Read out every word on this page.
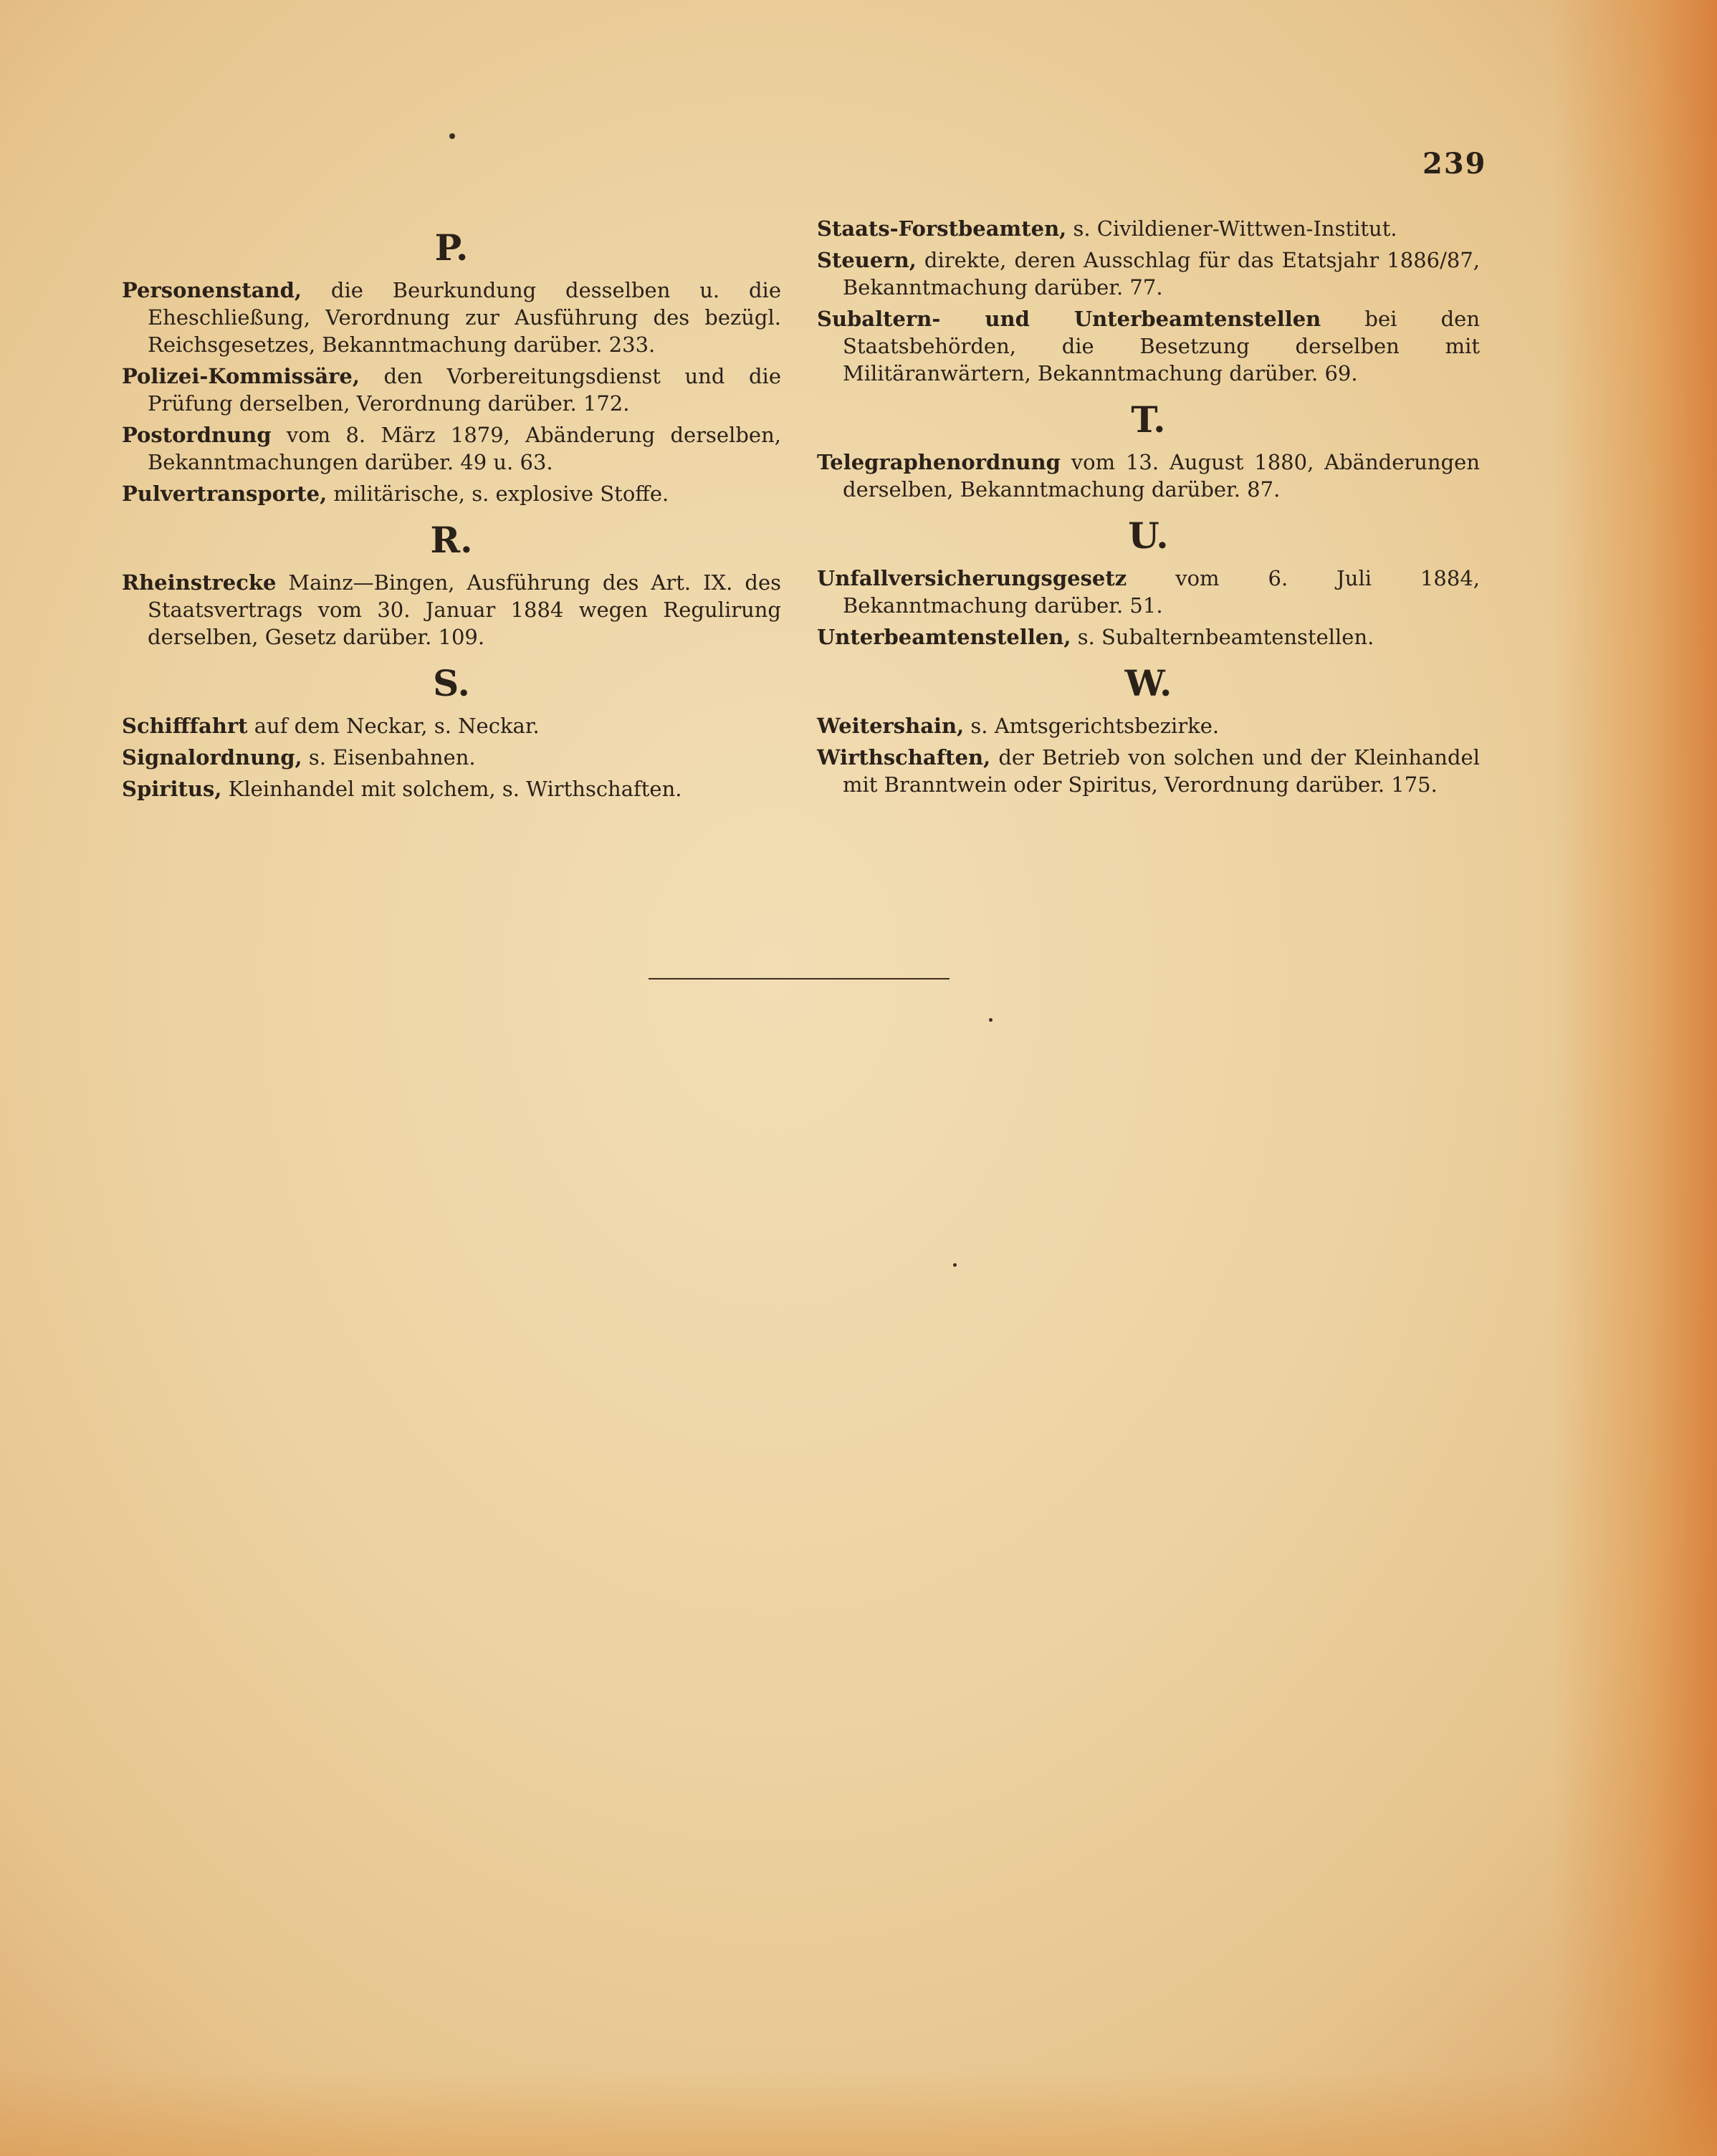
239
P.
Personenstand, die Beurkundung desselben u. die Eheschließung, Verordnung zur Ausführung des bezügl. Reichsgesetzes, Bekanntmachung darüber. 233.
Polizei-Kommissäre, den Vorbereitungsdienst und die Prüfung derselben, Verordnung darüber. 172.
Postordnung vom 8. März 1879, Abänderung derselben, Bekanntmachungen darüber. 49 u. 63.
Pulvertransporte, militärische, s. explosive Stoffe.
R.
Rheinstrecke Mainz—Bingen, Ausführung des Art. IX. des Staatsvertrags vom 30. Januar 1884 wegen Regulirung derselben, Gesetz darüber. 109.
S.
Schifffahrt auf dem Neckar, s. Neckar.
Signalordnung, s. Eisenbahnen.
Spiritus, Kleinhandel mit solchem, s. Wirthschaften.
Staats-Forstbeamten, s. Civildiener-Wittwen-Institut.
Steuern, direkte, deren Ausschlag für das Etatsjahr 1886/87, Bekanntmachung darüber. 77.
Subaltern- und Unterbeamtenstellen bei den Staatsbehörden, die Besetzung derselben mit Militäranwärtern, Bekanntmachung darüber. 69.
T.
Telegraphenordnung vom 13. August 1880, Abänderungen derselben, Bekanntmachung darüber. 87.
U.
Unfallversicherungsgesetz vom 6. Juli 1884, Bekanntmachung darüber. 51.
Unterbeamtenstellen, s. Subalternbeamtenstellen.
W.
Weitershain, s. Amtsgerichtsbezirke.
Wirthschaften, der Betrieb von solchen und der Kleinhandel mit Branntwein oder Spiritus, Verordnung darüber. 175.
